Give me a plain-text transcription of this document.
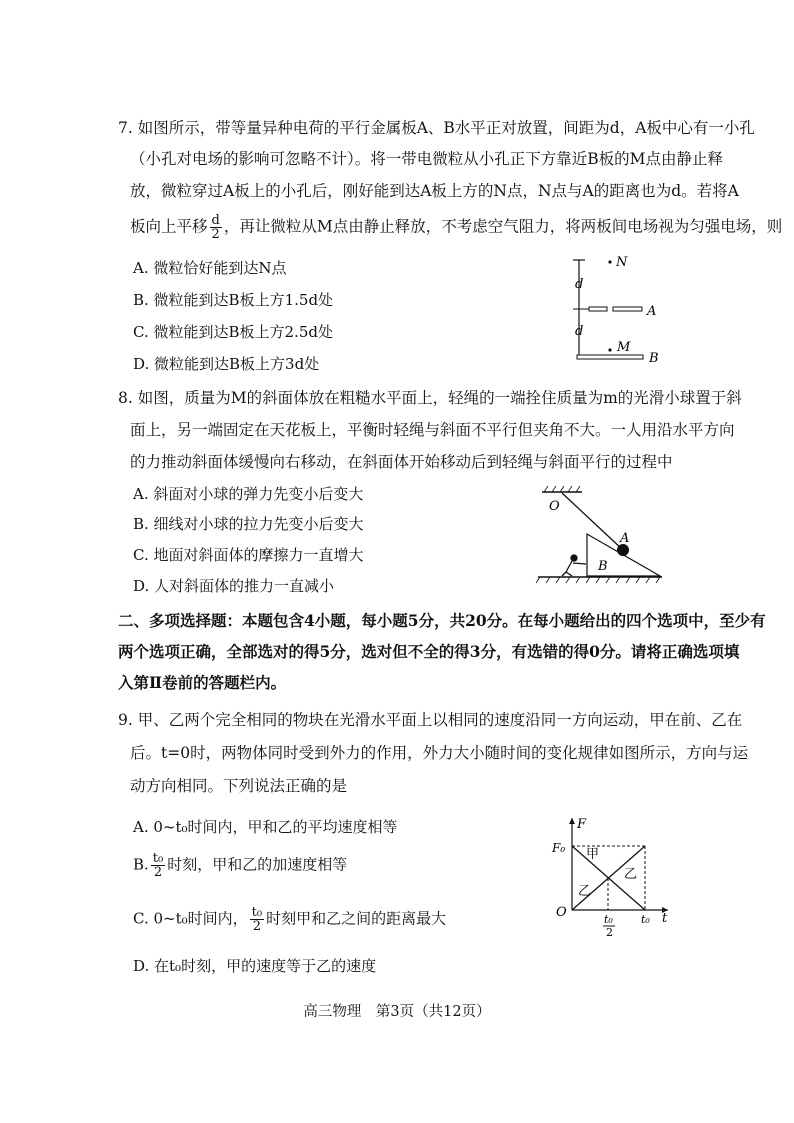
7. 如图所示，带等量异种电荷的平行金属板A、B水平正对放置，间距为d，A板中心有一小孔
（小孔对电场的影响可忽略不计）。将一带电微粒从小孔正下方靠近B板的M点由静止释
放，微粒穿过A板上的小孔后，刚好能到达A板上方的N点，N点与A的距离也为d。若将A
板向上平移 $\frac{d}{2}$ ，再让微粒从M点由静止释放，不考虑空气阻力，将两板间电场视为匀强电场，则
A. 微粒恰好能到达N点
B. 微粒能到达B板上方1.5d处
C. 微粒能到达B板上方2.5d处
D. 微粒能到达B板上方3d处
N
d
A
d
M
B
8. 如图，质量为M的斜面体放在粗糙水平面上，轻绳的一端拴住质量为m的光滑小球置于斜
面上，另一端固定在天花板上，平衡时轻绳与斜面不平行但夹角不大。一人用沿水平方向
的力推动斜面体缓慢向右移动，在斜面体开始移动后到轻绳与斜面平行的过程中
A. 斜面对小球的弹力先变小后变大
B. 细线对小球的拉力先变小后变大
C. 地面对斜面体的摩擦力一直增大
D. 人对斜面体的推力一直减小
O
A
B
二、多项选择题：本题包含4小题，每小题5分，共20分。在每小题给出的四个选项中，至少有
两个选项正确，全部选对的得5分，选对但不全的得3分，有选错的得0分。请将正确选项填
入第Ⅱ卷前的答题栏内。
9. 甲、乙两个完全相同的物块在光滑水平面上以相同的速度沿同一方向运动，甲在前、乙在
后。t=0时，两物体同时受到外力的作用，外力大小随时间的变化规律如图所示，方向与运
动方向相同。下列说法正确的是
A. 0~t₀时间内，甲和乙的平均速度相等
B. $\frac{\text{t₀}}{2}$ 时刻，甲和乙的加速度相等
C. 0~t₀时间内， $\frac{\text{t₀}}{2}$ 时刻甲和乙之间的距离最大
D. 在t₀时刻，甲的速度等于乙的速度
F
F₀ 甲
乙
乙
O	t₀
2
t₀ t
高三物理　第3页（共12页）
